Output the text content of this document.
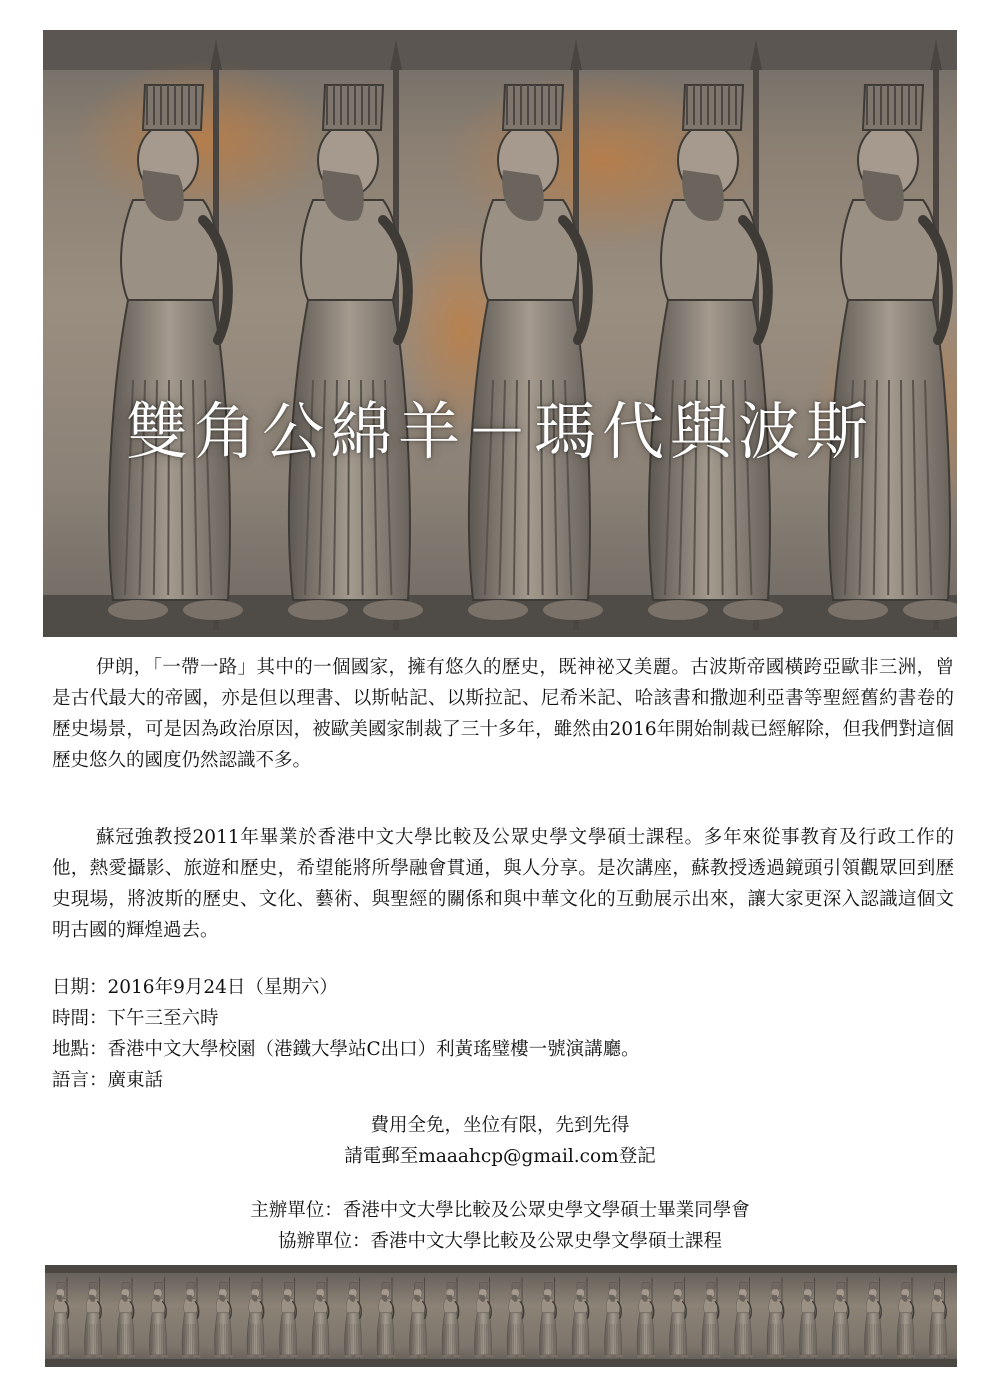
雙角公綿羊－瑪代與波斯

伊朗，「一帶一路」其中的一個國家，擁有悠久的歷史，既神祕又美麗。古波斯帝國橫跨亞歐非三洲，曾是古代最大的帝國，亦是但以理書、以斯帖記、以斯拉記、尼希米記、哈該書和撒迦利亞書等聖經舊約書卷的歷史場景，可是因為政治原因，被歐美國家制裁了三十多年，雖然由2016年開始制裁已經解除，但我們對這個歷史悠久的國度仍然認識不多。

蘇冠強教授2011年畢業於香港中文大學比較及公眾史學文學碩士課程。多年來從事教育及行政工作的他，熱愛攝影、旅遊和歷史，希望能將所學融會貫通，與人分享。是次講座，蘇教授透過鏡頭引領觀眾回到歷史現場，將波斯的歷史、文化、藝術、與聖經的關係和與中華文化的互動展示出來，讓大家更深入認識這個文明古國的輝煌過去。

日期：2016年9月24日（星期六）
時間：下午三至六時
地點：香港中文大學校園（港鐵大學站C出口）利黃瑤璧樓一號演講廳。
語言：廣東話
費用全免，坐位有限，先到先得
請電郵至maaahcp@gmail.com登記
主辦單位：香港中文大學比較及公眾史學文學碩士畢業同學會
協辦單位：香港中文大學比較及公眾史學文學碩士課程
